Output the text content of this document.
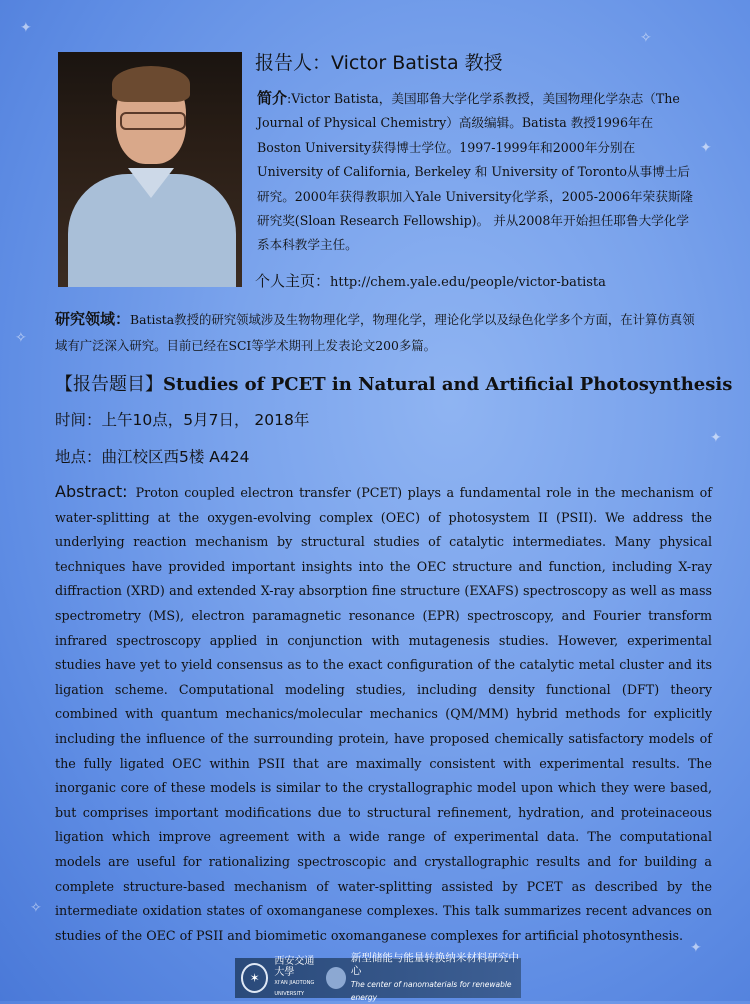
✦
✧
✦
✧
✦
✧
✦
报告人：Victor Batista 教授
简介:Victor Batista，美国耶鲁大学化学系教授，美国物理化学杂志（The Journal of Physical Chemistry）高级编辑。Batista 教授1996年在Boston University获得博士学位。1997-1999年和2000年分别在University of California, Berkeley 和 University of Toronto从事博士后研究。2000年获得教职加入Yale University化学系，2005-2006年荣获斯隆研究奖(Sloan Research Fellowship)。 并从2008年开始担任耶鲁大学化学系本科教学主任。
个人主页：http://chem.yale.edu/people/victor-batista
研究领域：Batista教授的研究领域涉及生物物理化学，物理化学，理论化学以及绿色化学多个方面，在计算仿真领域有广泛深入研究。目前已经在SCI等学术期刊上发表论文200多篇。
【报告题目】Studies of PCET in Natural and Artificial Photosynthesis
时间：上午10点，5月7日， 2018年
地点：曲江校区西5楼 A424
Abstract: Proton coupled electron transfer (PCET) plays a fundamental role in the mechanism of water-splitting at the oxygen-evolving complex (OEC) of photosystem II (PSII). We address the underlying reaction mechanism by structural studies of catalytic intermediates. Many physical techniques have provided important insights into the OEC structure and function, including X-ray diffraction (XRD) and extended X-ray absorption fine structure (EXAFS) spectroscopy as well as mass spectrometry (MS), electron paramagnetic resonance (EPR) spectroscopy, and Fourier transform infrared spectroscopy applied in conjunction with mutagenesis studies. However, experimental studies have yet to yield consensus as to the exact configuration of the catalytic metal cluster and its ligation scheme. Computational modeling studies, including density functional (DFT) theory combined with quantum mechanics/molecular mechanics (QM/MM) hybrid methods for explicitly including the influence of the surrounding protein, have proposed chemically satisfactory models of the fully ligated OEC within PSII that are maximally consistent with experimental results. The inorganic core of these models is similar to the crystallographic model upon which they were based, but comprises important modifications due to structural refinement, hydration, and proteinaceous ligation which improve agreement with a wide range of experimental data. The computational models are useful for rationalizing spectroscopic and crystallographic results and for building a complete structure-based mechanism of water-splitting assisted by PCET as described by the intermediate oxidation states of oxomanganese complexes. This talk summarizes recent advances on studies of the OEC of PSII and biomimetic oxomanganese complexes for artificial photosynthesis.
✶
西安交通大學
XI'AN JIAOTONG UNIVERSITY
新型储能与能量转换纳米材料研究中心
The center of nanomaterials for renewable energy
